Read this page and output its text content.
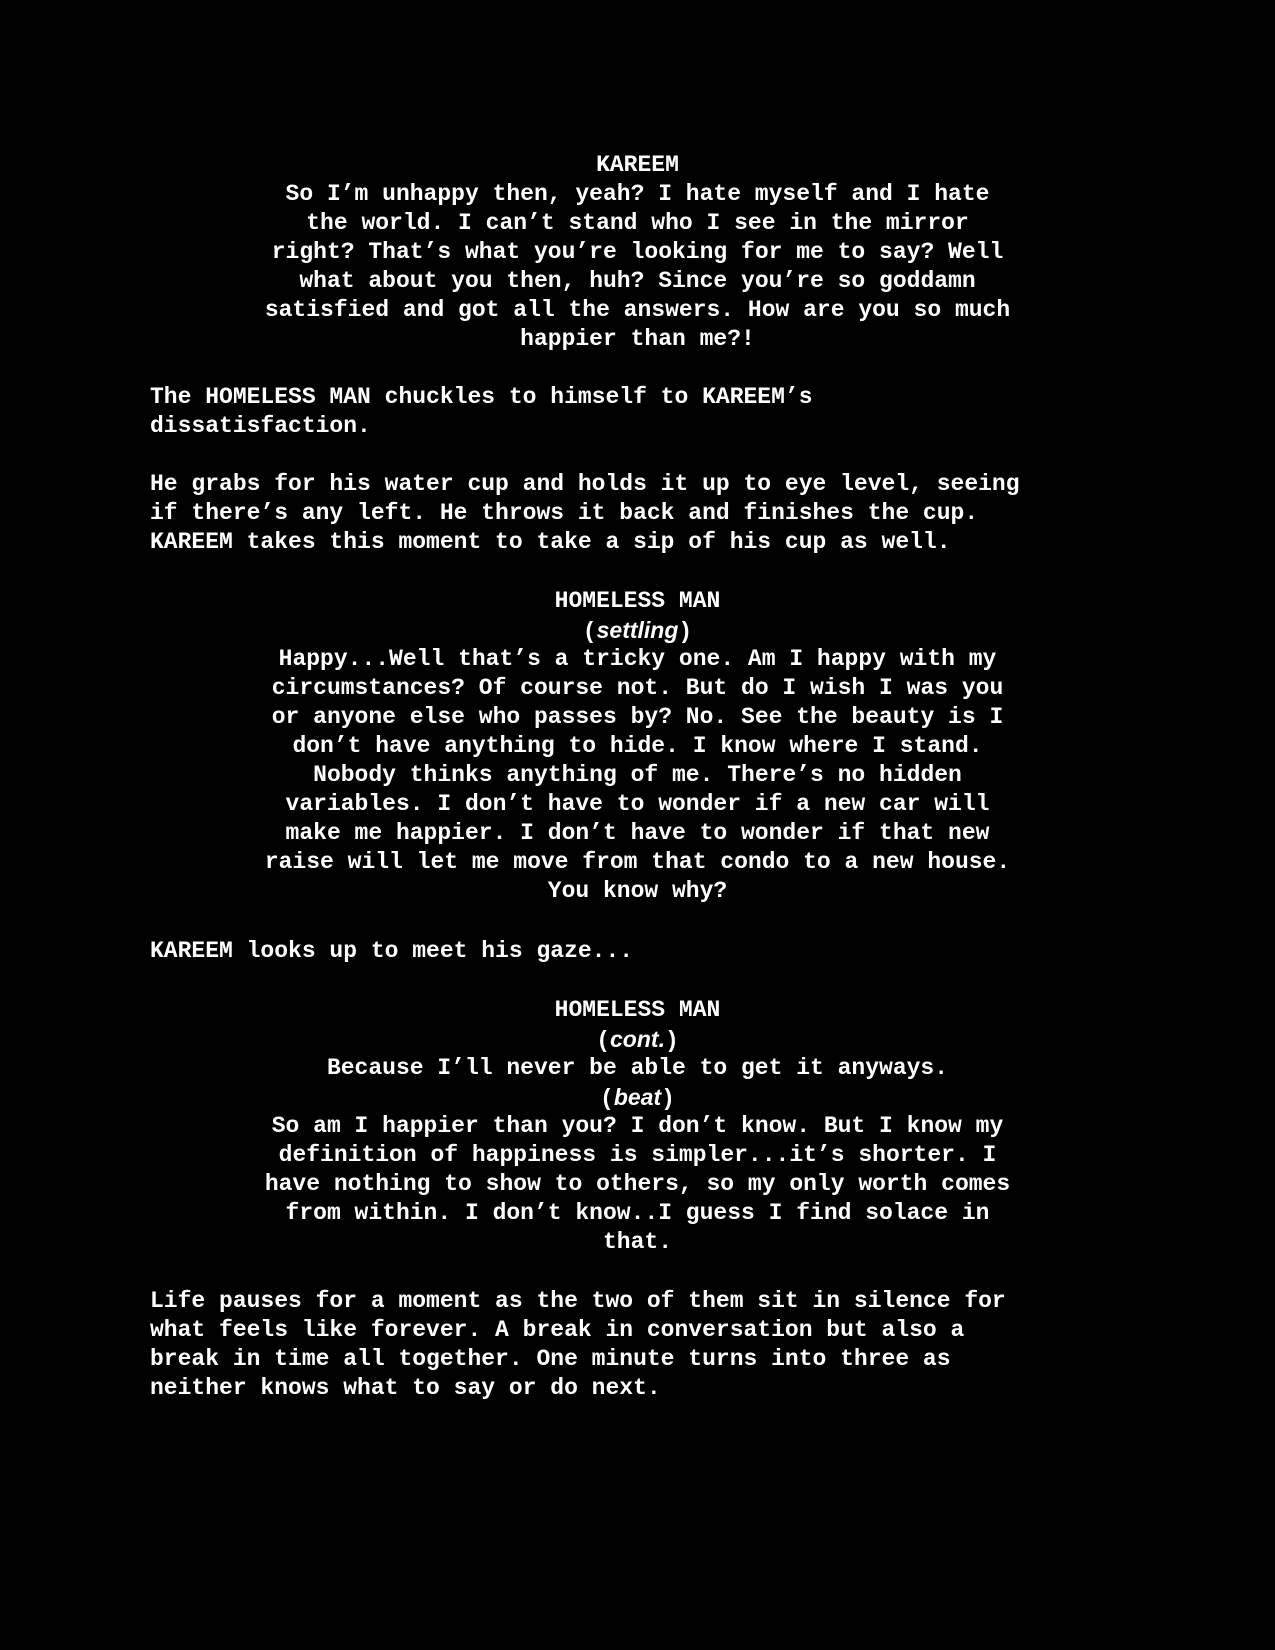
KAREEM
So I’m unhappy then, yeah? I hate myself and I hate
the world. I can’t stand who I see in the mirror
right? That’s what you’re looking for me to say? Well
what about you then, huh? Since you’re so goddamn
satisfied and got all the answers. How are you so much
happier than me?!
The HOMELESS MAN chuckles to himself to KAREEM’s
dissatisfaction.
He grabs for his water cup and holds it up to eye level, seeing
if there’s any left. He throws it back and finishes the cup.
KAREEM takes this moment to take a sip of his cup as well.
HOMELESS MAN
(settling)
Happy...Well that’s a tricky one. Am I happy with my
circumstances? Of course not. But do I wish I was you
or anyone else who passes by? No. See the beauty is I
don’t have anything to hide. I know where I stand.
Nobody thinks anything of me. There’s no hidden
variables. I don’t have to wonder if a new car will
make me happier. I don’t have to wonder if that new
raise will let me move from that condo to a new house.
You know why?
KAREEM looks up to meet his gaze...
HOMELESS MAN
(cont.)
Because I’ll never be able to get it anyways.
(beat)
So am I happier than you? I don’t know. But I know my
definition of happiness is simpler...it’s shorter. I
have nothing to show to others, so my only worth comes
from within. I don’t know..I guess I find solace in
that.
Life pauses for a moment as the two of them sit in silence for
what feels like forever. A break in conversation but also a
break in time all together. One minute turns into three as
neither knows what to say or do next.
